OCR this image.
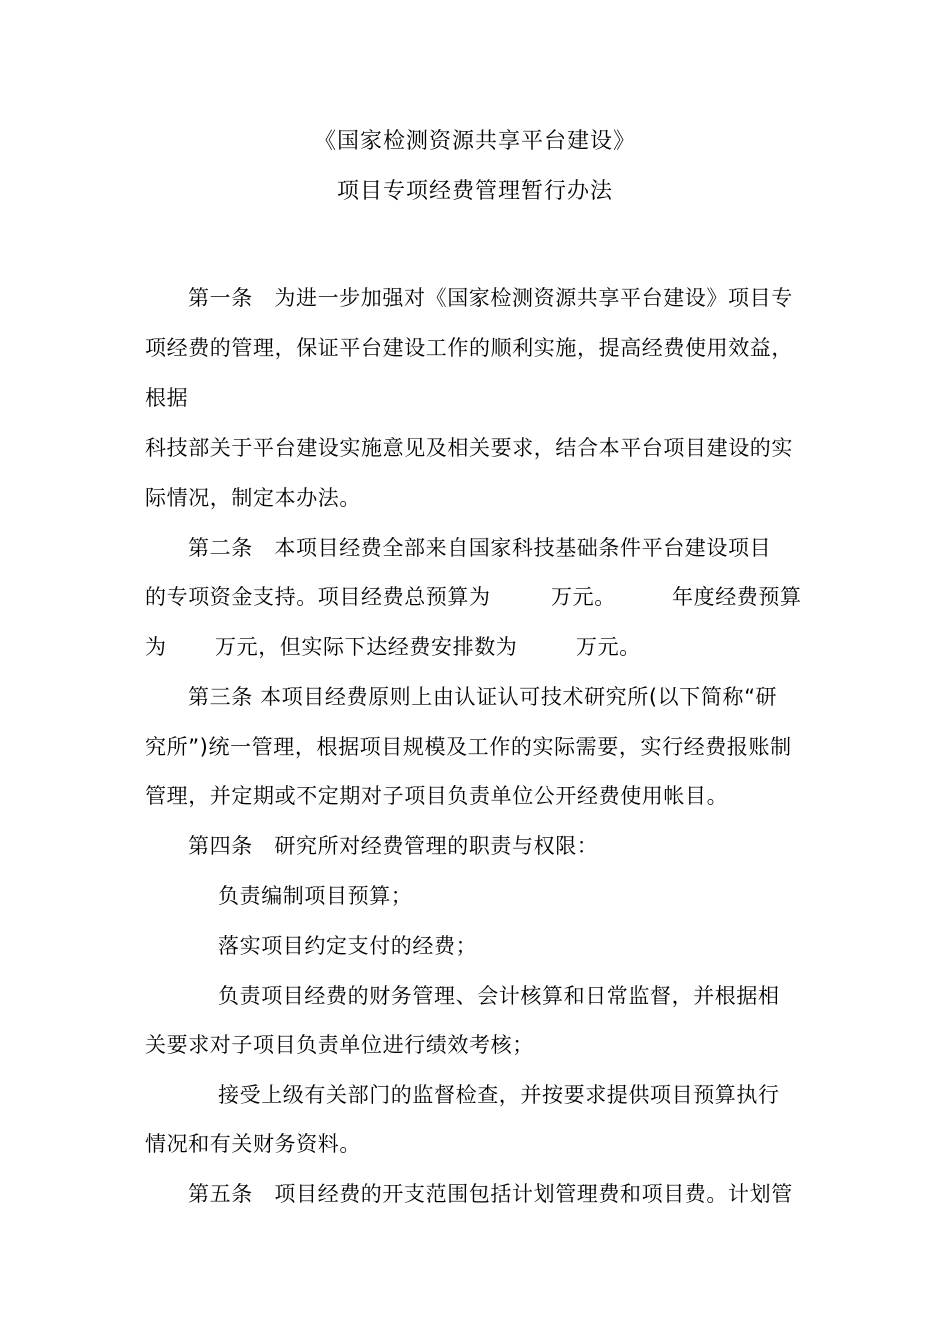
《国家检测资源共享平台建设》
项目专项经费管理暂行办法
第一条　为进一步加强对《国家检测资源共享平台建设》项目专
项经费的管理，保证平台建设工作的顺利实施，提高经费使用效益，
根据
科技部关于平台建设实施意见及相关要求，结合本平台项目建设的实
际情况，制定本办法。
第二条　本项目经费全部来自国家科技基础条件平台建设项目
的专项资金支持。项目经费总预算为	万元。	年度经费预算
为 万元，但实际下达经费安排数为	万元。
第三条 本项目经费原则上由认证认可技术研究所(以下简称“研
究所”)统一管理，根据项目规模及工作的实际需要，实行经费报账制
管理，并定期或不定期对子项目负责单位公开经费使用帐目。
第四条　研究所对经费管理的职责与权限：
负责编制项目预算；
落实项目约定支付的经费；
负责项目经费的财务管理、会计核算和日常监督，并根据相
关要求对子项目负责单位进行绩效考核；
接受上级有关部门的监督检查，并按要求提供项目预算执行
情况和有关财务资料。
第五条　项目经费的开支范围包括计划管理费和项目费。计划管
